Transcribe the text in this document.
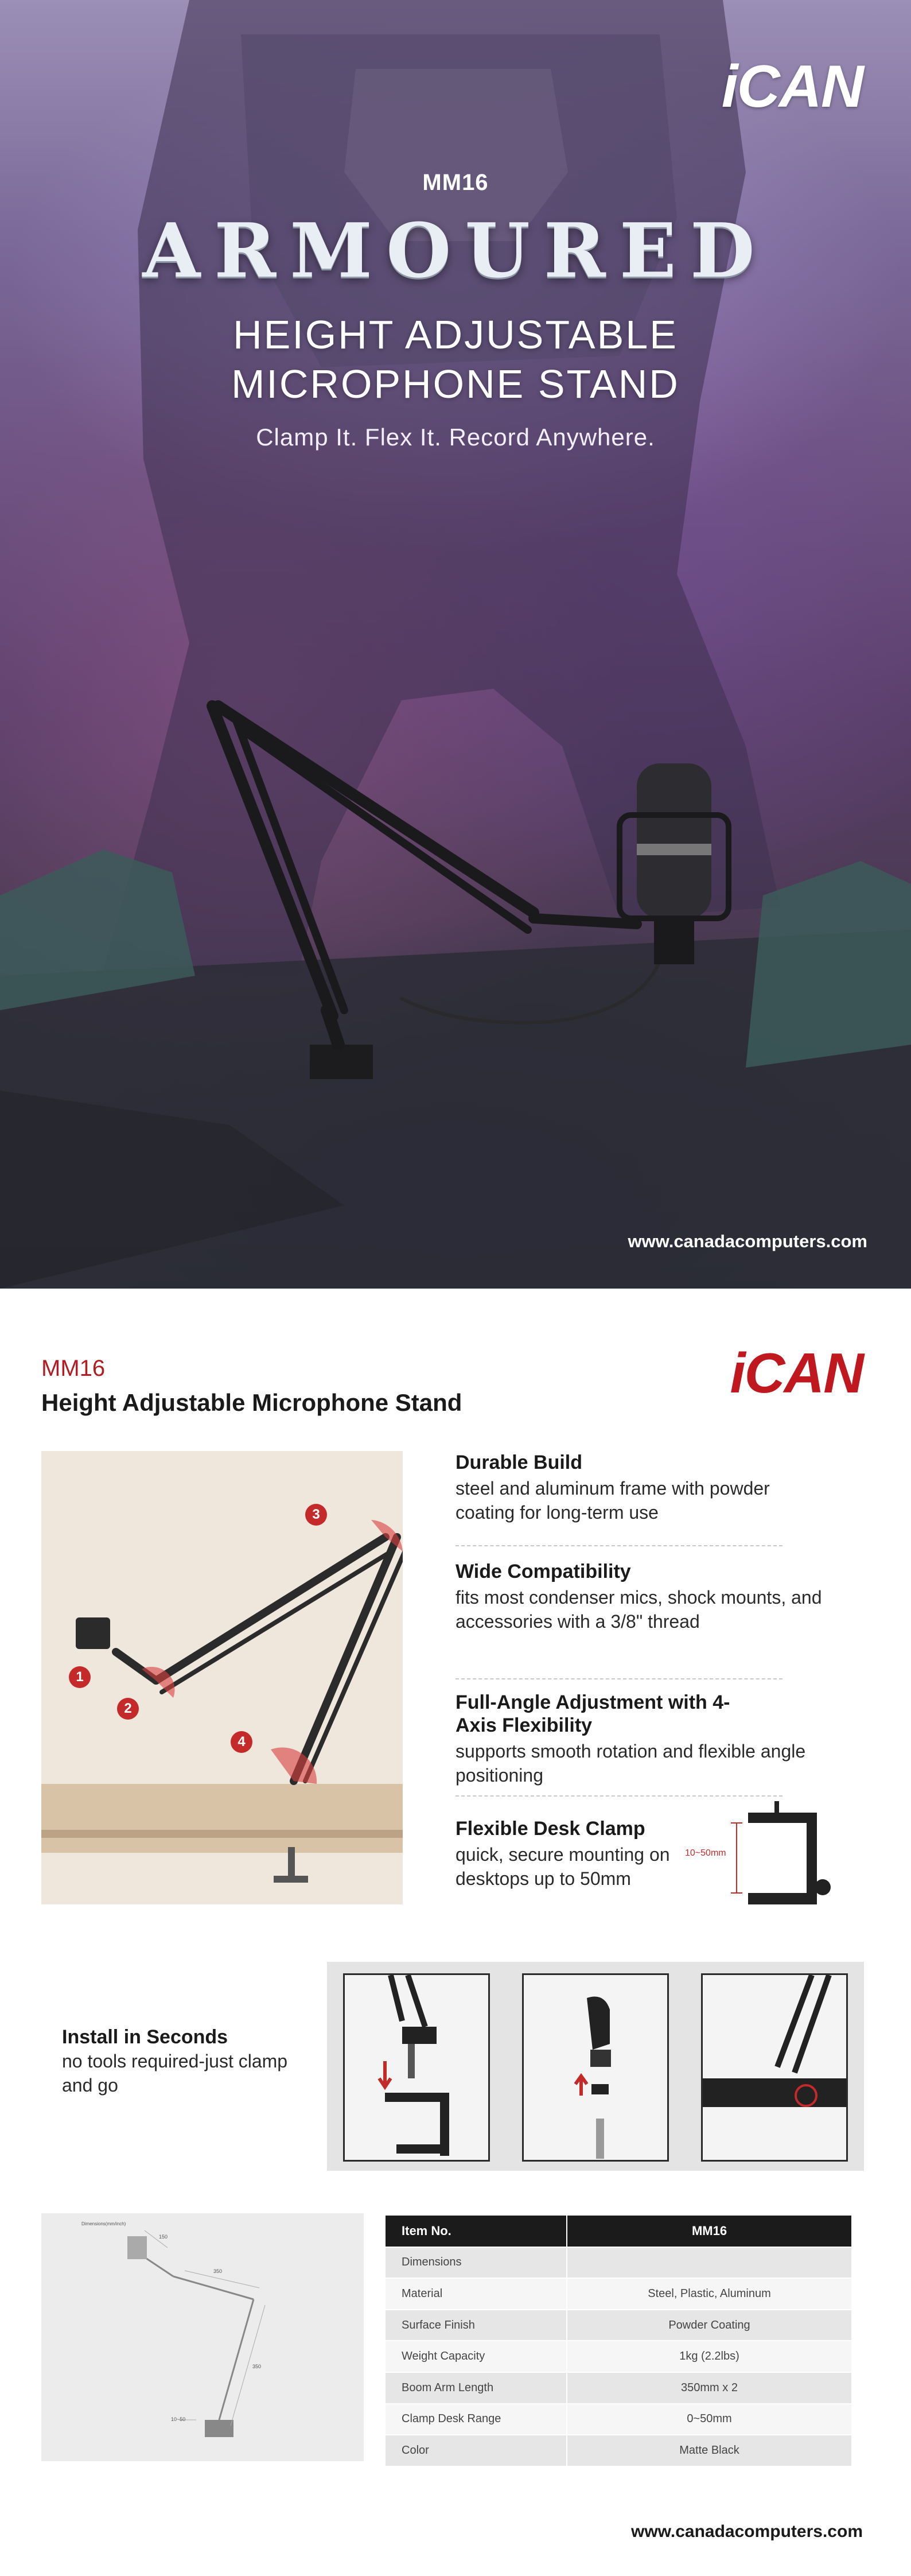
iCAN
MM16
ARMOURED
HEIGHT ADJUSTABLE
MICROPHONE STAND
Clamp It. Flex It. Record Anywhere.
www.canadacomputers.com
MM16
Height Adjustable Microphone Stand	iCAN
1
2
3
4
Durable Build

steel and aluminum frame with powder coating for long-term use

Wide Compatibility

fits most condenser mics, shock mounts, and accessories with a 3/8" thread

Full-Angle Adjustment with 4-Axis Flexibility

supports smooth rotation and flexible angle positioning

Flexible Desk Clamp

quick, secure mounting on desktops up to 50mm

10~50mm
Install in Seconds

no tools required-just clamp and go

Dimensions(mm/inch)
150
350
350
10~50
Item No.	MM16
Dimensions	
Material	Steel, Plastic, Aluminum
Surface Finish	Powder Coating
Weight Capacity	1kg (2.2lbs)
Boom Arm Length	350mm x 2
Clamp Desk Range	0~50mm
Color	Matte Black
www.canadacomputers.com
